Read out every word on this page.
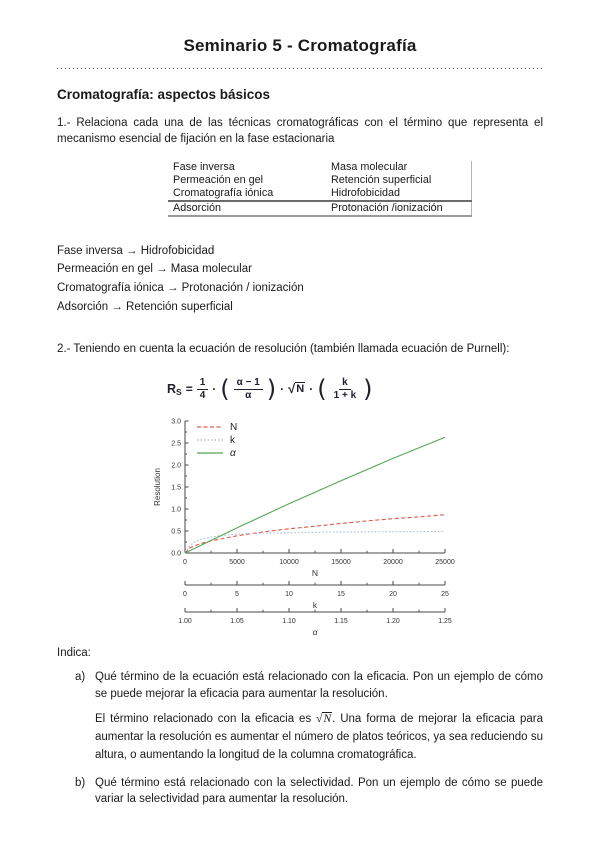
Seminario 5 - Cromatografía
Cromatografía: aspectos básicos
1.- Relaciona cada una de las técnicas cromatográficas con el término que representa el mecanismo esencial de fijación en la fase estacionaria
Fase inversa	Masa molecular
Permeación en gel	Retención superficial
Cromatografía iónica	Hidrofobicidad
Adsorción	Protonación /ionización
Fase inversa → Hidrofobicidad
Permeación en gel → Masa molecular
Cromatografía iónica → Protonación / ionización
Adsorción → Retención superficial
2.- Teniendo en cuenta la ecuación de resolución (también llamada ecuación de Purnell):
RS = $\frac{1}{4}$ · ( $\frac{\alpha - 1}{\alpha}$ ) · √ N · ( $\frac{k}{1 + k}$ )
0.0
0.5
1.0
1.5
2.0
2.5
3.0
Resolution
0	5000	10000	15000	20000	25000
N
0	5	10	15	20	25
k
1.00	1.05	1.10	1.15	1.20	1.25
α
N
k
α
Indica:
a) Qué término de la ecuación está relacionado con la eficacia. Pon un ejemplo de cómo se puede mejorar la eficacia para aumentar la resolución.
El término relacionado con la eficacia es √N. Una forma de mejorar la eficacia para aumentar la resolución es aumentar el número de platos teóricos, ya sea reduciendo su altura, o aumentando la longitud de la columna cromatográfica.
b) Qué término está relacionado con la selectividad. Pon un ejemplo de cómo se puede variar la selectividad para aumentar la resolución.
